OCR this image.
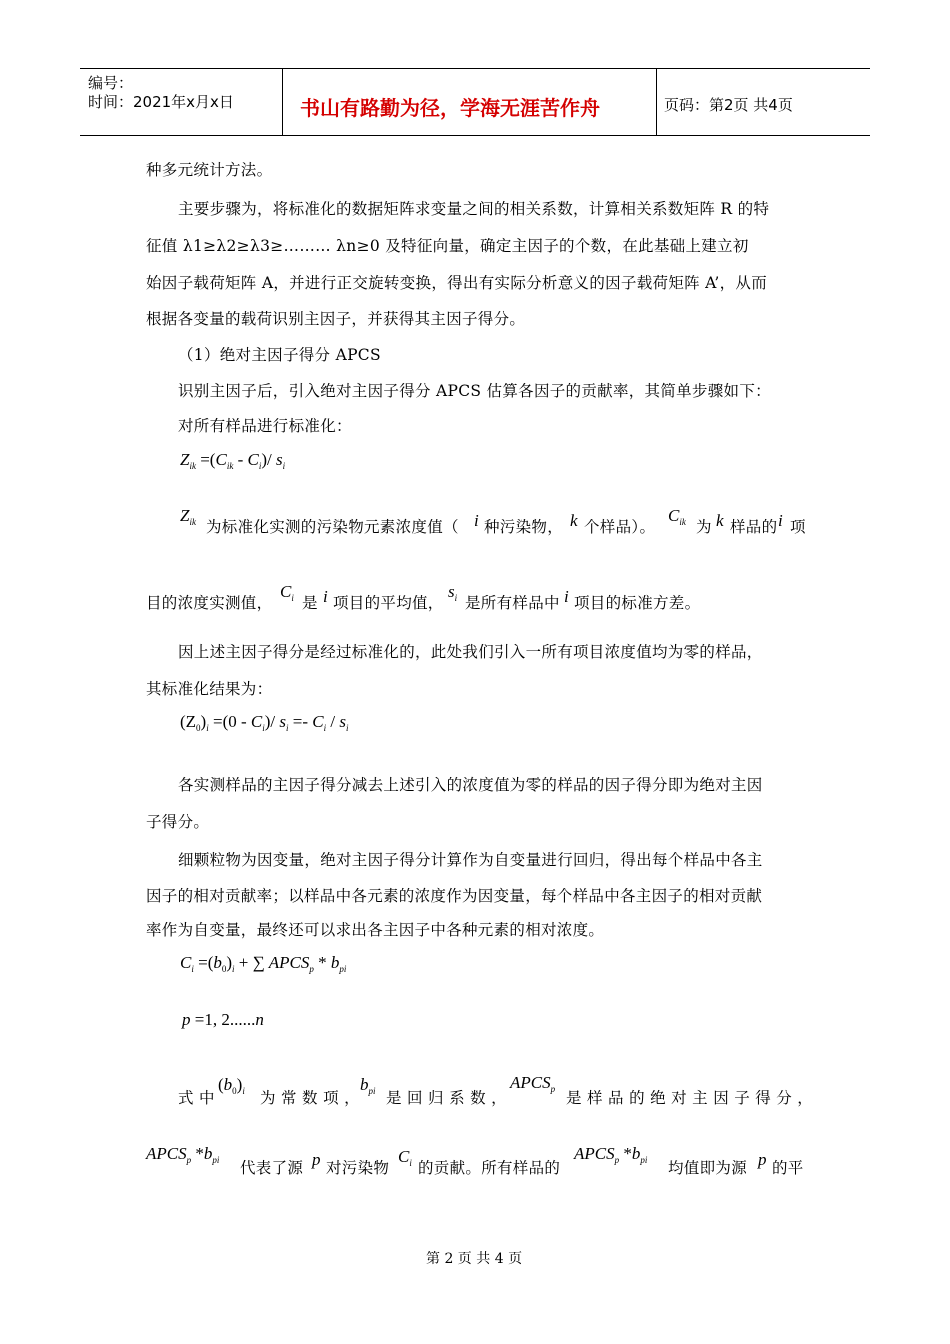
编号：
时间：2021年x月x日	书山有路勤为径，学海无涯苦作舟	页码：第2页 共4页
种多元统计方法。
主要步骤为，将标准化的数据矩阵求变量之间的相关系数，计算相关系数矩阵 R 的特
征值 λ1≥λ2≥λ3≥……… λn≥0 及特征向量，确定主因子的个数，在此基础上建立初
始因子载荷矩阵 A，并进行正交旋转变换，得出有实际分析意义的因子载荷矩阵 A’，从而
根据各变量的载荷识别主因子，并获得其主因子得分。
（1）绝对主因子得分 APCS
识别主因子后，引入绝对主因子得分 APCS 估算各因子的贡献率，其简单步骤如下：
对所有样品进行标准化：
$Z_{ik} =(C_{ik} - C_i)/$ $s_i$
$Z_{ik}$ 为标准化实测的污染物元素浓度值（ i 种污染物， k 个样品）。
$C_{ik}$ 为 k 样品的 i 项
目的浓度实测值，
$C_i$ 是 i 项目的平均值，
$s_i$ 是所有样品中 i 项目的标准方差。
因上述主因子得分是经过标准化的，此处我们引入一所有项目浓度值均为零的样品，
其标准化结果为：
$(Z_0)_i =(0 - C_i)/$ $s_i =- C_i / s_i$
各实测样品的主因子得分减去上述引入的浓度值为零的样品的因子得分即为绝对主因
子得分。
细颗粒物为因变量，绝对主因子得分计算作为自变量进行回归，得出每个样品中各主
因子的相对贡献率；以样品中各元素的浓度作为因变量，每个样品中各主因子的相对贡献
率作为自变量，最终还可以求出各主因子中各种元素的相对浓度。
$C_i =(b_0)_i$ + ∑ $APCS_p * b_{pi}$
p =1, 2......n
式 中
$(b_0)_i$ 为 常 数 项 ，
$b_{pi}$ 是 回 归 系 数 ，
$APCS_p$ 是 样 品 的 绝 对 主 因 子 得 分 ，
$APCS_p$ $*b_{pi}$ 代表了源 p 对污染物
$C_i$ 的贡献。所有样品的
$APCS_p$ $*b_{pi}$ 均值即为源 p 的平
第 2 页 共 4 页
